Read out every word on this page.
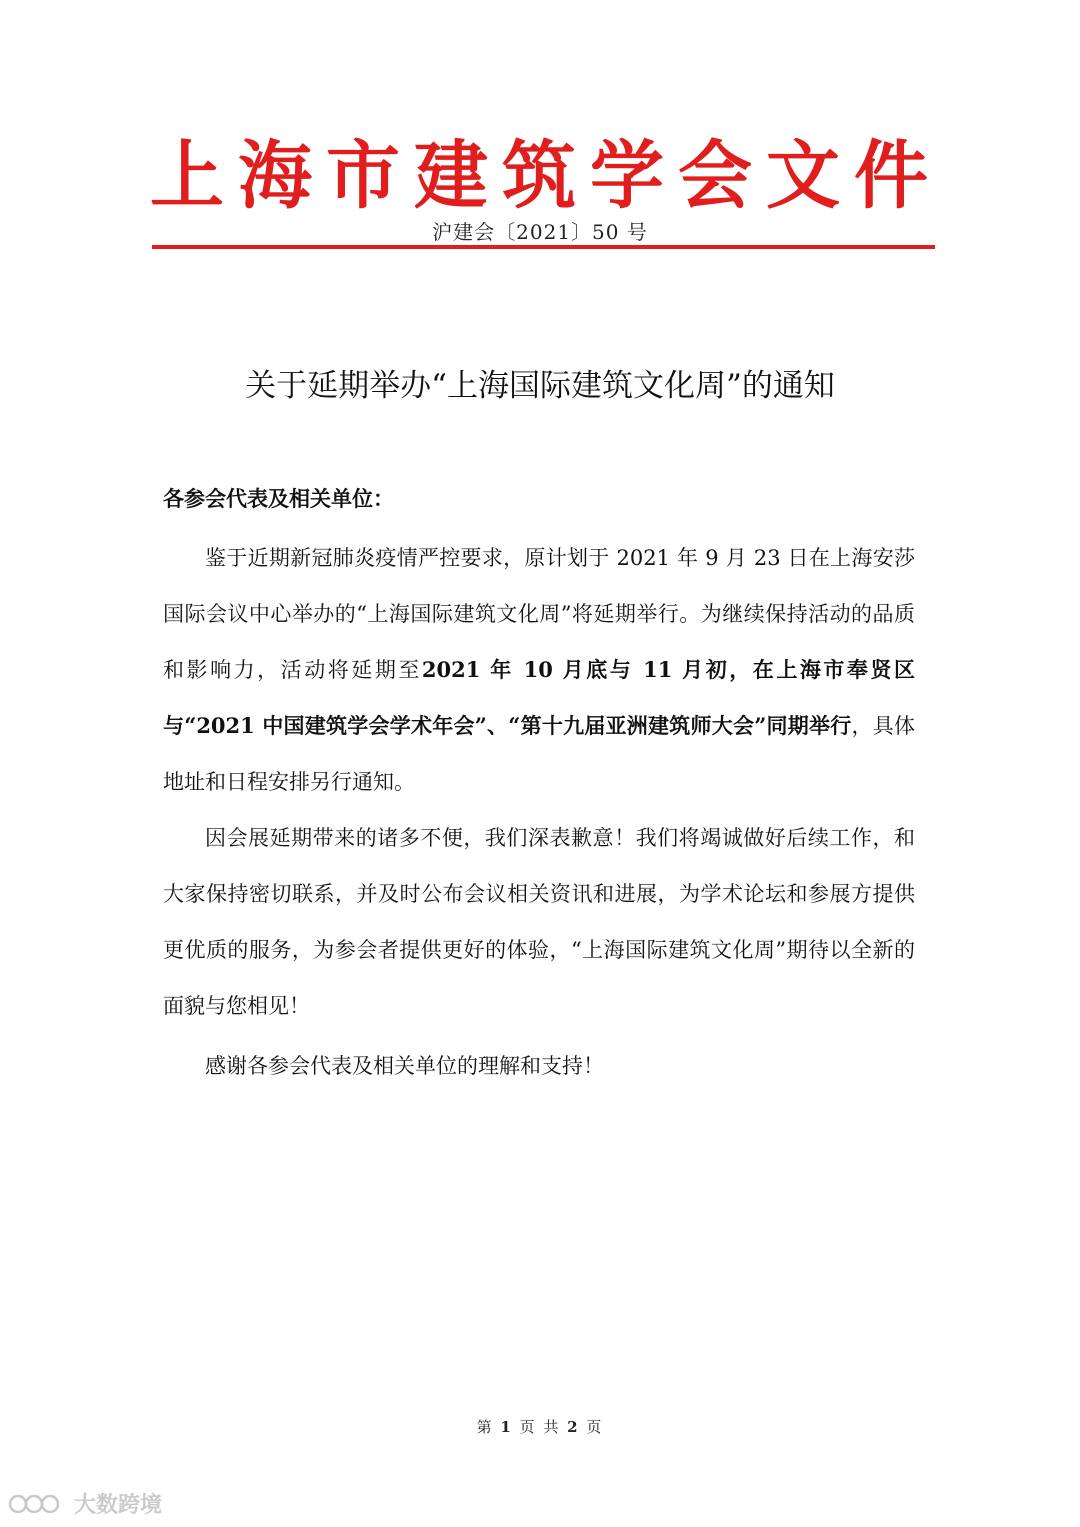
上海市建筑学会文件
沪建会〔2021〕50 号
关于延期举办“上海国际建筑文化周”的通知
各参会代表及相关单位：

鉴于近期新冠肺炎疫情严控要求，原计划于 2021 年 9 月 23 日在上海安莎国际会议中心举办的“上海国际建筑文化周”将延期举行。为继续保持活动的品质和影响力，活动将延期至2021 年 10 月底与 11 月初，在上海市奉贤区与“2021 中国建筑学会学术年会”、“第十九届亚洲建筑师大会”同期举行，具体地址和日程安排另行通知。

因会展延期带来的诸多不便，我们深表歉意！我们将竭诚做好后续工作，和大家保持密切联系，并及时公布会议相关资讯和进展，为学术论坛和参展方提供更优质的服务，为参会者提供更好的体验，“上海国际建筑文化周”期待以全新的面貌与您相见！

感谢各参会代表及相关单位的理解和支持！

第 1 页 共 2 页
大数跨境
